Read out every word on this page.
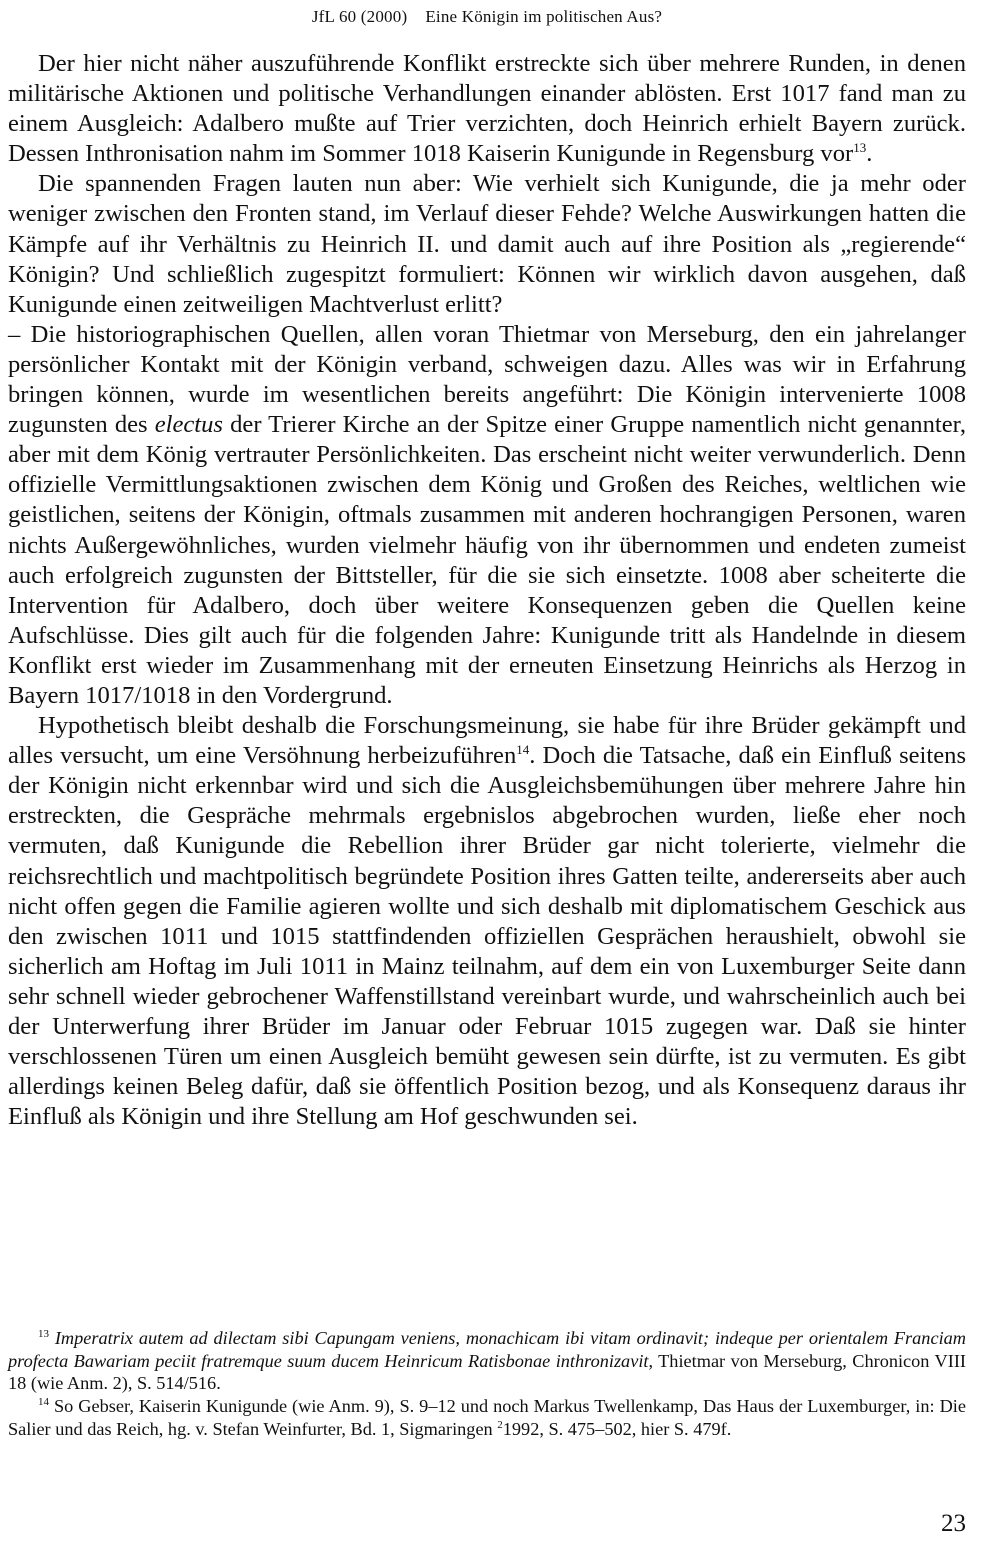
JfL 60 (2000) Eine Königin im politischen Aus?

Der hier nicht näher auszuführende Konflikt erstreckte sich über mehrere Runden, in denen militärische Aktionen und politische Verhandlungen einander ablösten. Erst 1017 fand man zu einem Ausgleich: Adalbero mußte auf Trier verzichten, doch Heinrich erhielt Bayern zurück. Dessen Inthronisation nahm im Sommer 1018 Kaiserin Kunigunde in Regensburg vor$^{13}$.

Die spannenden Fragen lauten nun aber: Wie verhielt sich Kunigunde, die ja mehr oder weniger zwischen den Fronten stand, im Verlauf dieser Fehde? Welche Auswirkungen hatten die Kämpfe auf ihr Verhältnis zu Heinrich II. und damit auch auf ihre Position als „regierende“ Königin? Und schließlich zugespitzt formuliert: Können wir wirklich davon ausgehen, daß Kunigunde einen zeitweiligen Machtverlust erlitt?

– Die historiographischen Quellen, allen voran Thietmar von Merseburg, den ein jahrelanger persönlicher Kontakt mit der Königin verband, schweigen dazu. Alles was wir in Erfahrung bringen können, wurde im wesentlichen bereits angeführt: Die Königin intervenierte 1008 zugunsten des electus der Trierer Kirche an der Spitze einer Gruppe namentlich nicht genannter, aber mit dem König vertrauter Persönlichkeiten. Das erscheint nicht weiter verwunderlich. Denn offizielle Vermittlungsaktionen zwischen dem König und Großen des Reiches, weltlichen wie geistlichen, seitens der Königin, oftmals zusammen mit anderen hochrangigen Personen, waren nichts Außergewöhnliches, wurden vielmehr häufig von ihr übernommen und endeten zumeist auch erfolgreich zugunsten der Bittsteller, für die sie sich einsetzte. 1008 aber scheiterte die Intervention für Adalbero, doch über weitere Konsequenzen geben die Quellen keine Aufschlüsse. Dies gilt auch für die folgenden Jahre: Kunigunde tritt als Handelnde in diesem Konflikt erst wieder im Zusammenhang mit der erneuten Einsetzung Heinrichs als Herzog in Bayern 1017/1018 in den Vordergrund.

Hypothetisch bleibt deshalb die Forschungsmeinung, sie habe für ihre Brüder gekämpft und alles versucht, um eine Versöhnung herbeizuführen$^{14}$. Doch die Tatsache, daß ein Einfluß seitens der Königin nicht erkennbar wird und sich die Ausgleichsbemühungen über mehrere Jahre hin erstreckten, die Gespräche mehrmals ergebnislos abgebrochen wurden, ließe eher noch vermuten, daß Kunigunde die Rebellion ihrer Brüder gar nicht tolerierte, vielmehr die reichsrechtlich und machtpolitisch begründete Position ihres Gatten teilte, andererseits aber auch nicht offen gegen die Familie agieren wollte und sich deshalb mit diplomatischem Geschick aus den zwischen 1011 und 1015 stattfindenden offiziellen Gesprächen heraushielt, obwohl sie sicherlich am Hoftag im Juli 1011 in Mainz teilnahm, auf dem ein von Luxemburger Seite dann sehr schnell wieder gebrochener Waffenstillstand vereinbart wurde, und wahrscheinlich auch bei der Unterwerfung ihrer Brüder im Januar oder Februar 1015 zugegen war. Daß sie hinter verschlossenen Türen um einen Ausgleich bemüht gewesen sein dürfte, ist zu vermuten. Es gibt allerdings keinen Beleg dafür, daß sie öffentlich Position bezog, und als Konsequenz daraus ihr Einfluß als Königin und ihre Stellung am Hof geschwunden sei.

$^{13}$ Imperatrix autem ad dilectam sibi Capungam veniens, monachicam ibi vitam ordinavit; indeque per orientalem Franciam profecta Bawariam peciit fratremque suum ducem Heinricum Ratisbonae inthronizavit, Thietmar von Merseburg, Chronicon VIII 18 (wie Anm. 2), S. 514/516.

$^{14}$ So Gebser, Kaiserin Kunigunde (wie Anm. 9), S. 9–12 und noch Markus Twellenkamp, Das Haus der Luxemburger, in: Die Salier und das Reich, hg. v. Stefan Weinfurter, Bd. 1, Sigmaringen $^2$1992, S. 475–502, hier S. 479f.

23
